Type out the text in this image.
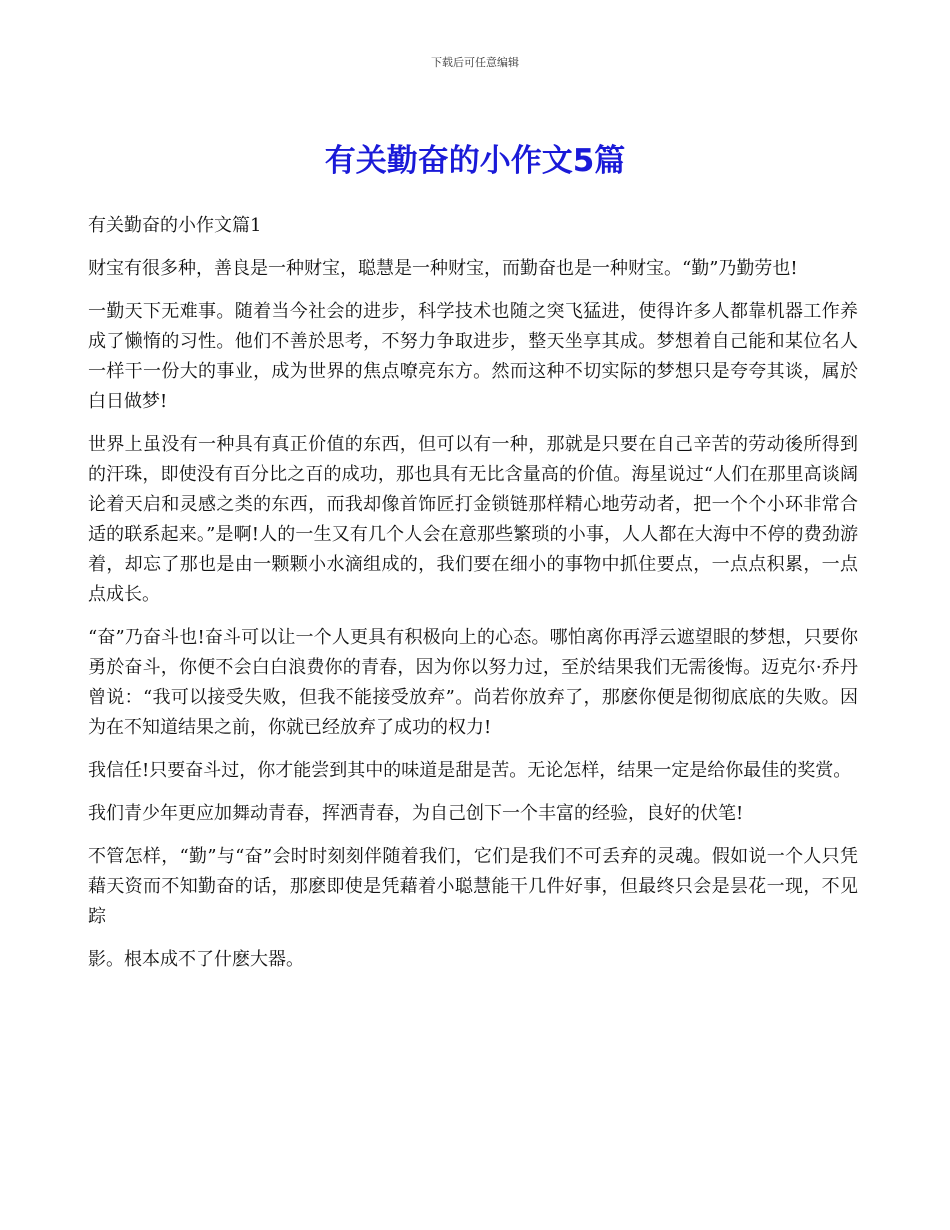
下载后可任意编辑
有关勤奋的小作文5篇

有关勤奋的小作文篇1

财宝有很多种，善良是一种财宝，聪慧是一种财宝，而勤奋也是一种财宝。“勤”乃勤劳也!

一勤天下无难事。随着当今社会的进步，科学技术也随之突飞猛进，使得许多人都靠机器工作养成了懒惰的习性。他们不善於思考，不努力争取进步，整天坐享其成。梦想着自己能和某位名人一样干一份大的事业，成为世界的焦点嘹亮东方。然而这种不切实际的梦想只是夸夸其谈，属於白日做梦!

世界上虽没有一种具有真正价值的东西，但可以有一种，那就是只要在自己辛苦的劳动後所得到的汗珠，即使没有百分比之百的成功，那也具有无比含量高的价值。海星说过“人们在那里高谈阔论着天启和灵感之类的东西，而我却像首饰匠打金锁链那样精心地劳动者，把一个个小环非常合适的联系起来。”是啊!人的一生又有几个人会在意那些繁琐的小事，人人都在大海中不停的费劲游着，却忘了那也是由一颗颗小水滴组成的，我们要在细小的事物中抓住要点，一点点积累，一点点成长。

“奋”乃奋斗也!奋斗可以让一个人更具有积极向上的心态。哪怕离你再浮云遮望眼的梦想，只要你勇於奋斗，你便不会白白浪费你的青春，因为你以努力过，至於结果我们无需後悔。迈克尔·乔丹曾说：“我可以接受失败，但我不能接受放弃”。尚若你放弃了，那麽你便是彻彻底底的失败。因为在不知道结果之前，你就已经放弃了成功的权力!

我信任!只要奋斗过，你才能尝到其中的味道是甜是苦。无论怎样，结果一定是给你最佳的奖赏。

我们青少年更应加舞动青春，挥洒青春，为自己创下一个丰富的经验，良好的伏笔!

不管怎样，“勤”与“奋”会时时刻刻伴随着我们，它们是我们不可丢弃的灵魂。假如说一个人只凭藉天资而不知勤奋的话，那麽即使是凭藉着小聪慧能干几件好事，但最终只会是昙花一现，不见踪

影。根本成不了什麽大器。
